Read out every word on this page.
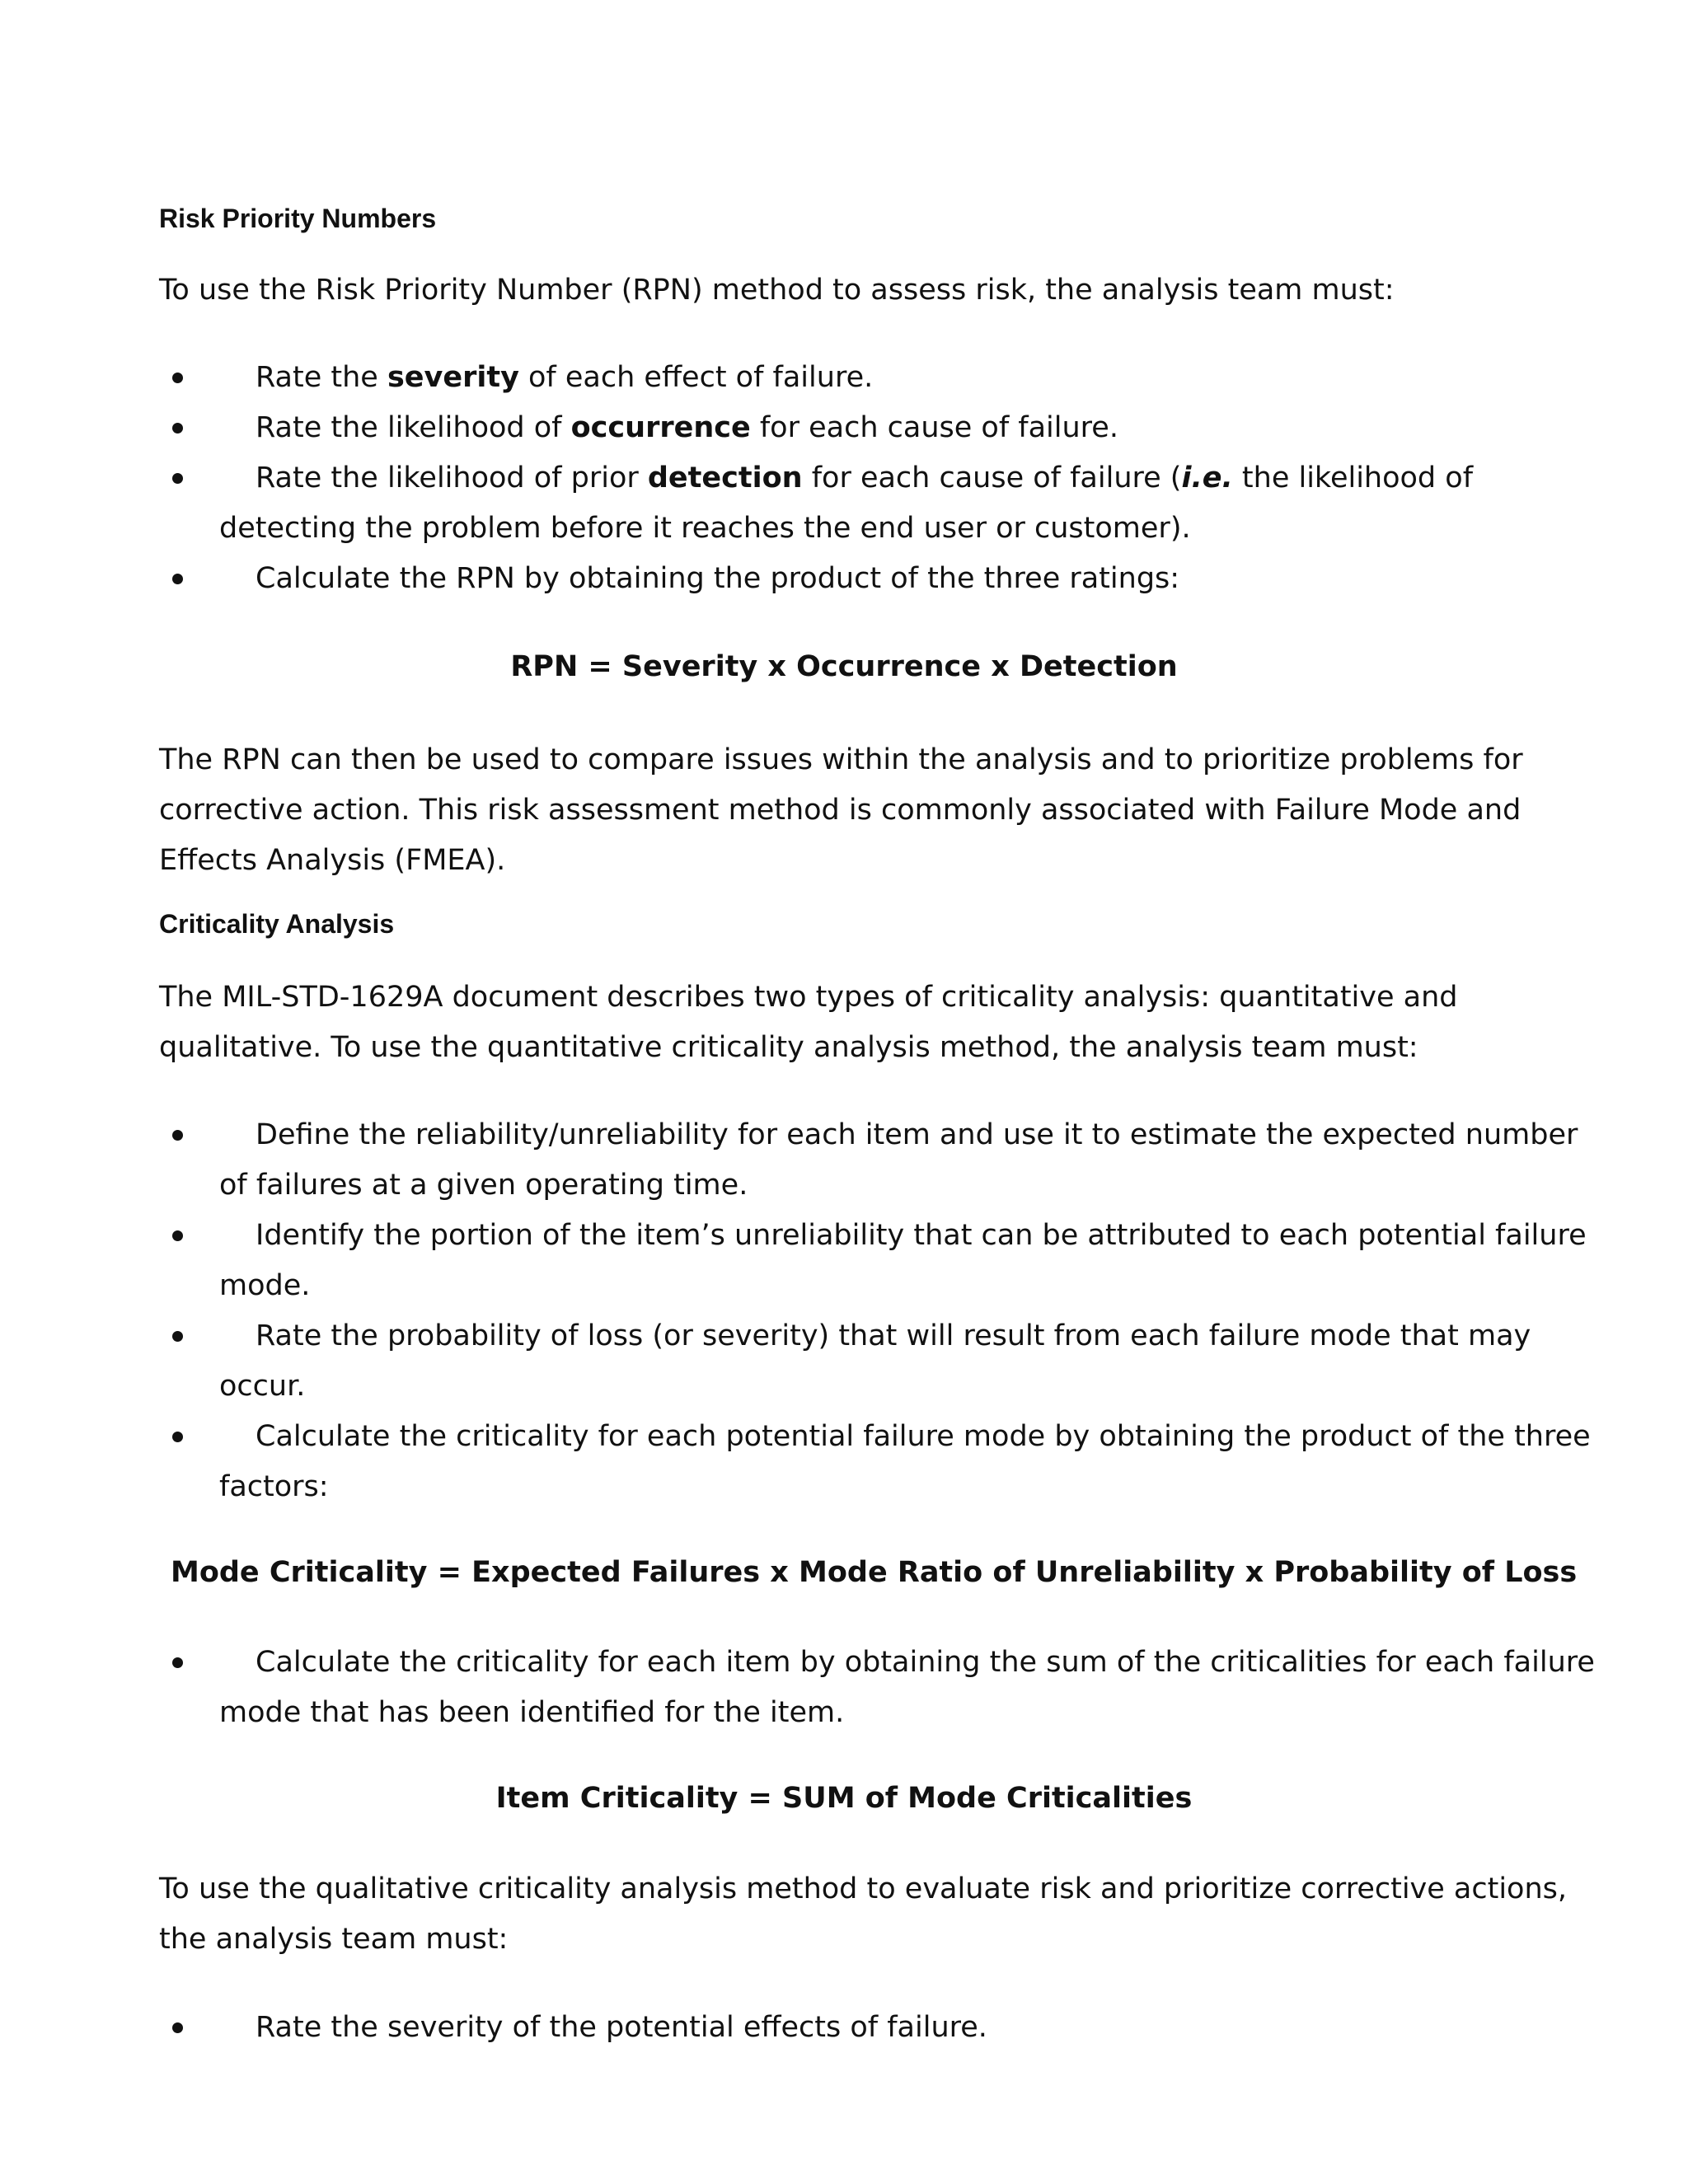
Risk Priority Numbers

To use the Risk Priority Number (RPN) method to assess risk, the analysis team must:

Rate the severity of each effect of failure.
Rate the likelihood of occurrence for each cause of failure.
Rate the likelihood of prior detection for each cause of failure (i.e. the likelihood of
detecting the problem before it reaches the end user or customer).
Calculate the RPN by obtaining the product of the three ratings:

RPN = Severity x Occurrence x Detection

The RPN can then be used to compare issues within the analysis and to prioritize problems for
corrective action. This risk assessment method is commonly associated with Failure Mode and
Effects Analysis (FMEA).

Criticality Analysis

The MIL-STD-1629A document describes two types of criticality analysis: quantitative and
qualitative. To use the quantitative criticality analysis method, the analysis team must:

Define the reliability/unreliability for each item and use it to estimate the expected number
of failures at a given operating time.
Identify the portion of the item’s unreliability that can be attributed to each potential failure
mode.
Rate the probability of loss (or severity) that will result from each failure mode that may
occur.
Calculate the criticality for each potential failure mode by obtaining the product of the three
factors:

Mode Criticality = Expected Failures x Mode Ratio of Unreliability x Probability of Loss

Calculate the criticality for each item by obtaining the sum of the criticalities for each failure
mode that has been identified for the item.

Item Criticality = SUM of Mode Criticalities

To use the qualitative criticality analysis method to evaluate risk and prioritize corrective actions,
the analysis team must:

Rate the severity of the potential effects of failure.
